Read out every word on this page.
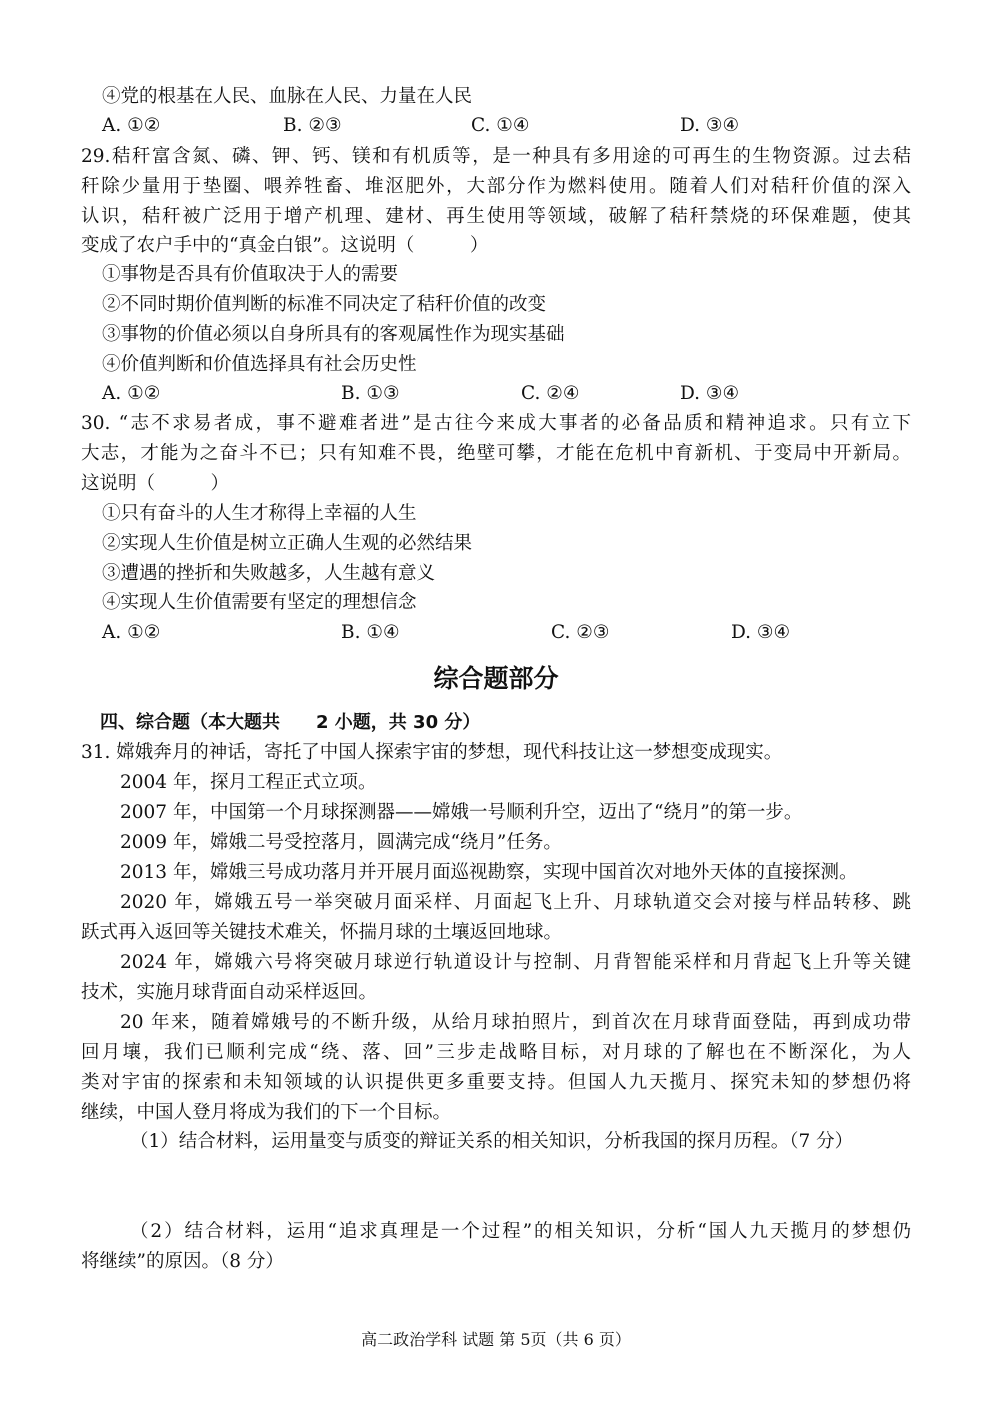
④党的根基在人民、血脉在人民、力量在人民
A. ①②	B. ②③	C. ①④	D. ③④
29.秸秆富含氮、磷、钾、钙、镁和有机质等，是一种具有多用途的可再生的生物资源。过去秸
秆除少量用于垫圈、喂养牲畜、堆沤肥外，大部分作为燃料使用。随着人们对秸秆价值的深入
认识，秸秆被广泛用于增产机理、建材、再生使用等领域，破解了秸秆禁烧的环保难题，使其
变成了农户手中的“真金白银”。这说明（　　　）
①事物是否具有价值取决于人的需要
②不同时期价值判断的标准不同决定了秸秆价值的改变
③事物的价值必须以自身所具有的客观属性作为现实基础
④价值判断和价值选择具有社会历史性
A. ①②	B. ①③	C. ②④	D. ③④
30. “志不求易者成，事不避难者进”是古往今来成大事者的必备品质和精神追求。只有立下
大志，才能为之奋斗不已；只有知难不畏，绝壁可攀，才能在危机中育新机、于变局中开新局。
这说明（　　　）
①只有奋斗的人生才称得上幸福的人生
②实现人生价值是树立正确人生观的必然结果
③遭遇的挫折和失败越多，人生越有意义
④实现人生价值需要有坚定的理想信念
A. ①②	B. ①④	C. ②③	D. ③④
综合题部分
四、综合题（本大题共　　2 小题，共 30 分）
31. 嫦娥奔月的神话，寄托了中国人探索宇宙的梦想，现代科技让这一梦想变成现实。
2004 年，探月工程正式立项。
2007 年，中国第一个月球探测器——嫦娥一号顺利升空，迈出了“绕月”的第一步。
2009 年，嫦娥二号受控落月，圆满完成“绕月”任务。
2013 年，嫦娥三号成功落月并开展月面巡视勘察，实现中国首次对地外天体的直接探测。
2020 年，嫦娥五号一举突破月面采样、月面起飞上升、月球轨道交会对接与样品转移、跳
跃式再入返回等关键技术难关，怀揣月球的土壤返回地球。
2024 年，嫦娥六号将突破月球逆行轨道设计与控制、月背智能采样和月背起飞上升等关键
技术，实施月球背面自动采样返回。
20 年来，随着嫦娥号的不断升级，从给月球拍照片，到首次在月球背面登陆，再到成功带
回月壤，我们已顺利完成“绕、落、回”三步走战略目标，对月球的了解也在不断深化，为人
类对宇宙的探索和未知领域的认识提供更多重要支持。但国人九天揽月、探究未知的梦想仍将
继续，中国人登月将成为我们的下一个目标。
（1）结合材料，运用量变与质变的辩证关系的相关知识，分析我国的探月历程。（7 分）
（2）结合材料，运用“追求真理是一个过程”的相关知识，分析“国人九天揽月的梦想仍
将继续”的原因。（8 分）
高二政治学科 试题 第 5页（共 6 页）
